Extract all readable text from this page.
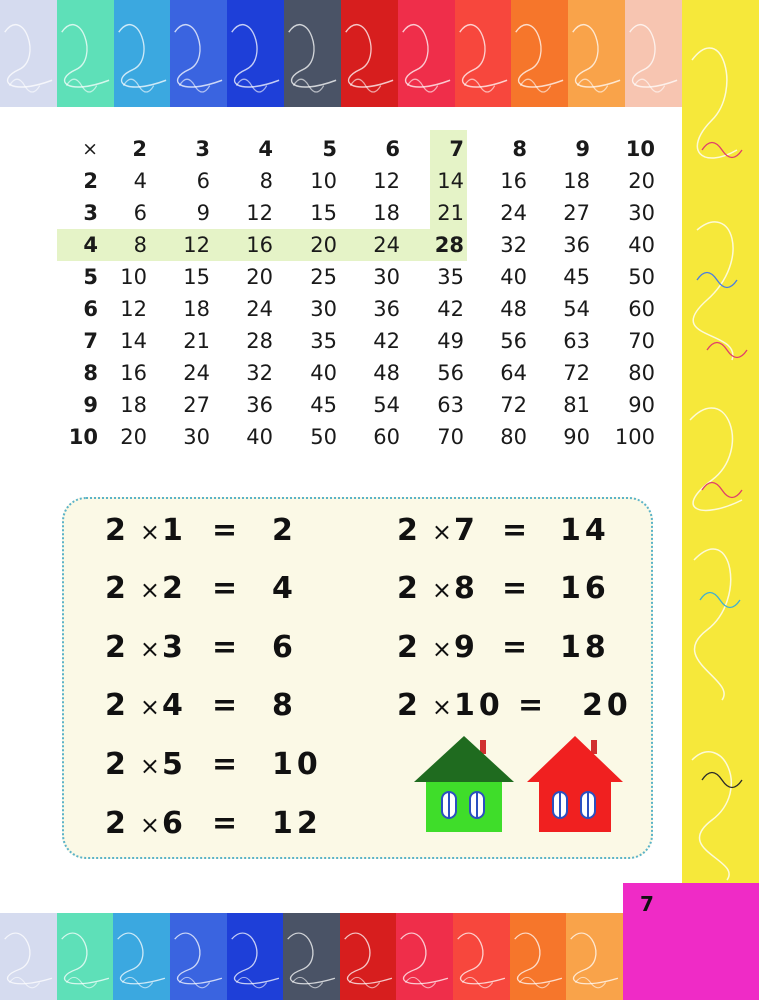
7
×	2	3	4	5	6	7	8	9	10
2	4	6	8	10	12	14	16	18	20
3	6	9	12	15	18	21	24	27	30
4	8	12	16	20	24	28	32	36	40
5	10	15	20	25	30	35	40	45	50
6	12	18	24	30	36	42	48	54	60
7	14	21	28	35	42	49	56	63	70
8	16	24	32	40	48	56	64	72	80
9	18	27	36	45	54	63	72	81	90
10	20	30	40	50	60	70	80	90	100
2 ×1 = 2
2 ×2 = 4
2 ×3 = 6
2 ×4 = 8
2 ×5 = 10
2 ×6 = 12
2 ×7 = 14
2 ×8 = 16
2 ×9 = 18
2 ×10 = 20
